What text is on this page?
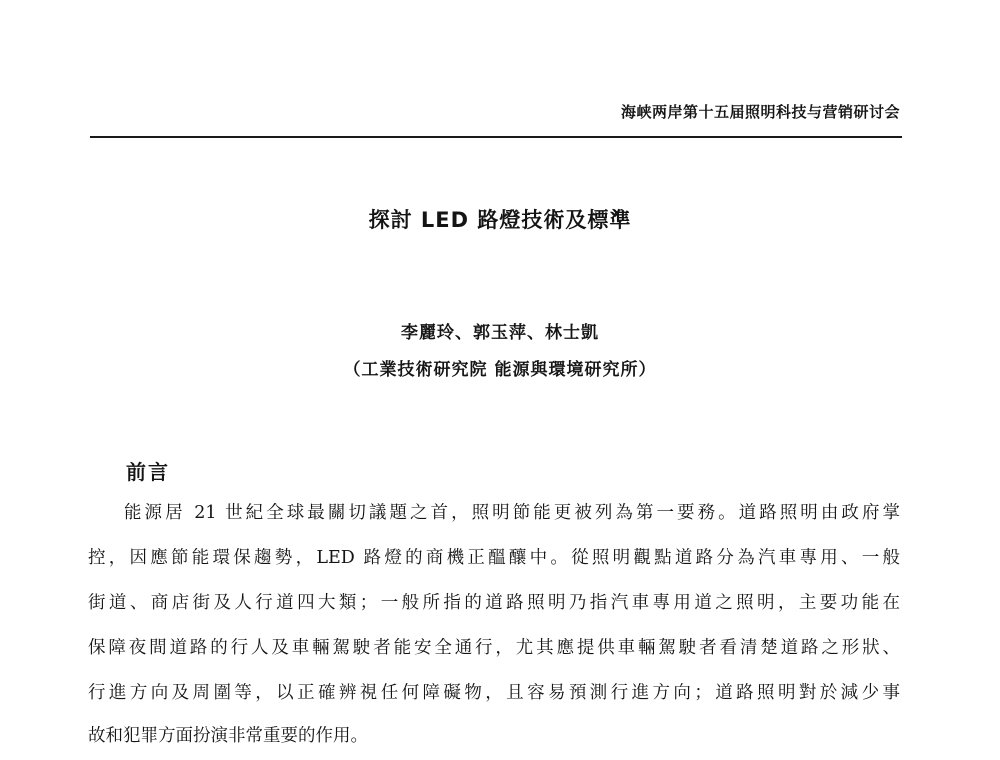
海峡两岸第十五届照明科技与营销研讨会
探討 LED 路燈技術及標準
李麗玲、郭玉萍、林士凱
（工業技術研究院 能源與環境研究所）
前言
能源居 21 世紀全球最關切議題之首，照明節能更被列為第一要務。道路照明由政府掌
控，因應節能環保趨勢，LED 路燈的商機正醞釀中。從照明觀點道路分為汽車專用、一般
街道、商店街及人行道四大類；一般所指的道路照明乃指汽車專用道之照明，主要功能在
保障夜間道路的行人及車輛駕駛者能安全通行，尤其應提供車輛駕駛者看清楚道路之形狀、
行進方向及周圍等，以正確辨視任何障礙物，且容易預測行進方向；道路照明對於減少事
故和犯罪方面扮演非常重要的作用。
